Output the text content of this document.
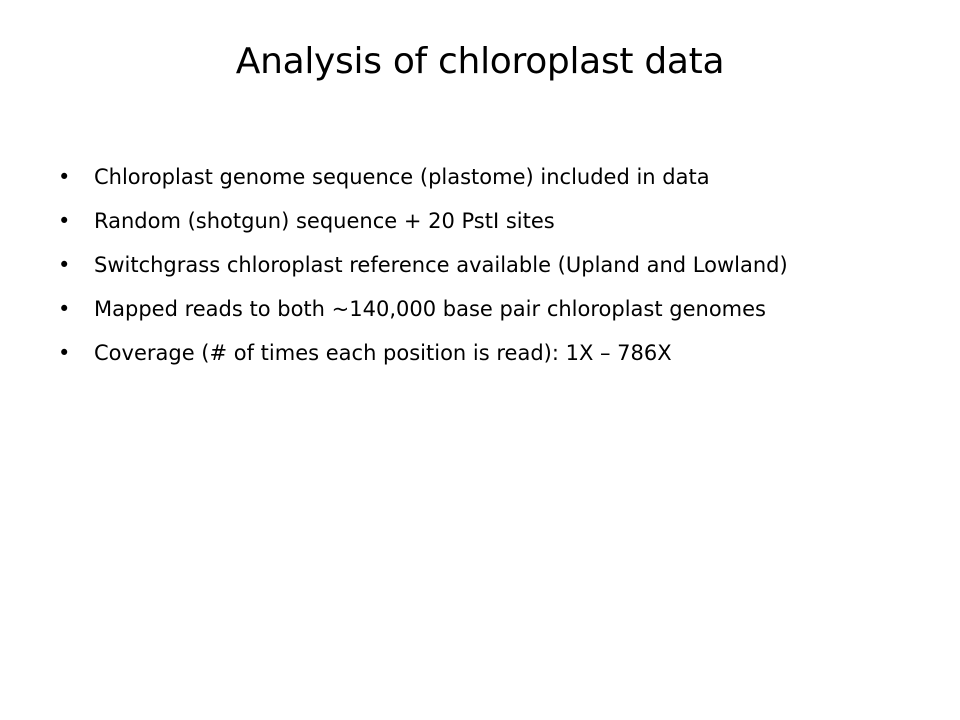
Analysis of chloroplast data
•	Chloroplast genome sequence (plastome) included in data
•	Random (shotgun) sequence + 20 PstI sites
•	Switchgrass chloroplast reference available (Upland and Lowland)
•	Mapped reads to both ~140,000 base pair chloroplast genomes
•	Coverage (# of times each position is read): 1X – 786X
